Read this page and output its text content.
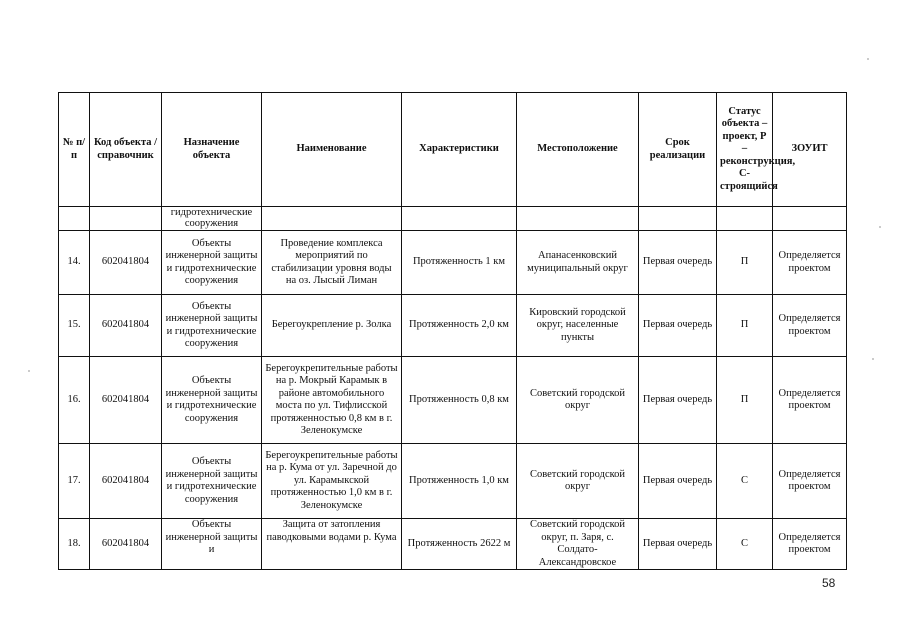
№ п/п	Код объекта / справочник	Назначение объекта	Наименование	Характеристики	Местоположение	Срок реализации	Статус объекта – проект, Р – реконструкция, С-строящийся	ЗОУИТ
		гидротехнические сооружения						
14.	602041804	Объекты инженерной защиты и гидротехнические сооружения	Проведение комплекса мероприятий по стабилизации уровня воды на оз. Лысый Лиман	Протяженность 1 км	Апанасенковский муниципальный округ	Первая очередь	П	Определяется проектом
15.	602041804	Объекты инженерной защиты и гидротехнические сооружения	Берегоукрепление р. Золка	Протяженность 2,0 км	Кировский городской округ, населенные пункты	Первая очередь	П	Определяется проектом
16.	602041804	Объекты инженерной защиты и гидротехнические сооружения	Берегоукрепительные работы на р. Мокрый Карамык в районе автомобильного моста по ул. Тифлисской протяженностью 0,8 км в г. Зеленокумске	Протяженность 0,8 км	Советский городской округ	Первая очередь	П	Определяется проектом
17.	602041804	Объекты инженерной защиты и гидротехнические сооружения	Берегоукрепительные работы на р. Кума от ул. Заречной до ул. Карамыкской протяженностью 1,0 км в г. Зеленокумске	Протяженность 1,0 км	Советский городской округ	Первая очередь	С	Определяется проектом
18.	602041804	Объекты инженерной защиты и	Защита от затопления паводковыми водами р. Кума	Протяженность 2622 м	Советский городской округ, п. Заря, с. Солдато-Александровское	Первая очередь	С	Определяется проектом
58
